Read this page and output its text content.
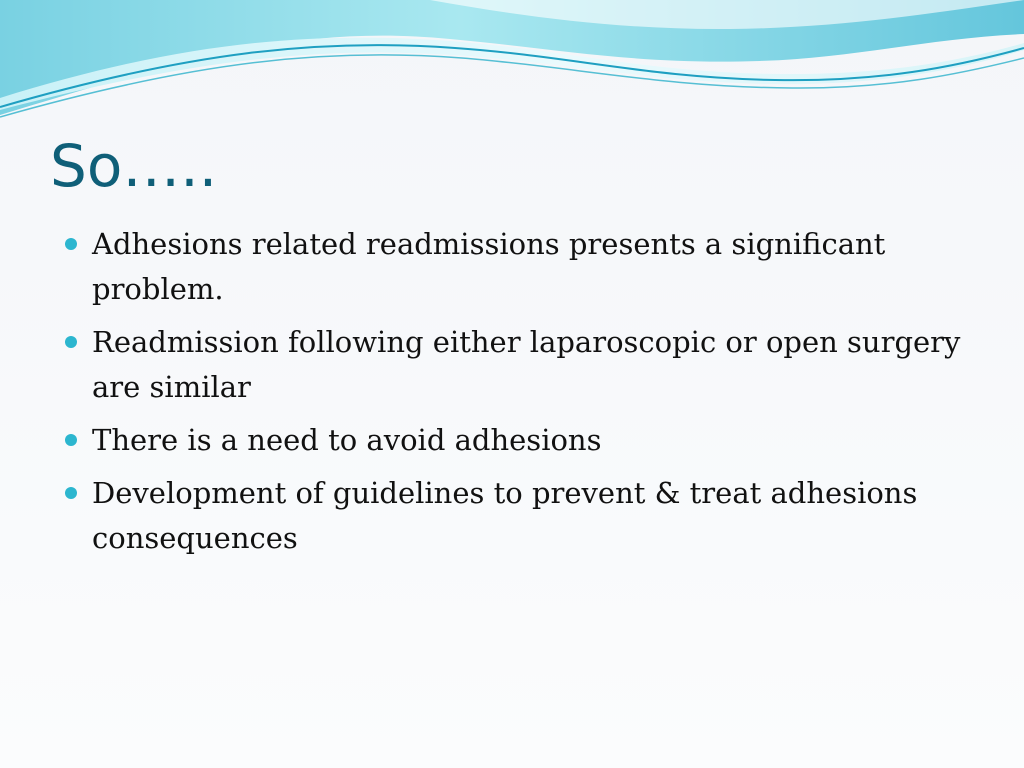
So…..
Adhesions related readmissions presents a significant problem.
Readmission following either laparoscopic or open surgery are similar
There is a need to avoid adhesions
Development of guidelines to prevent & treat adhesions consequences
